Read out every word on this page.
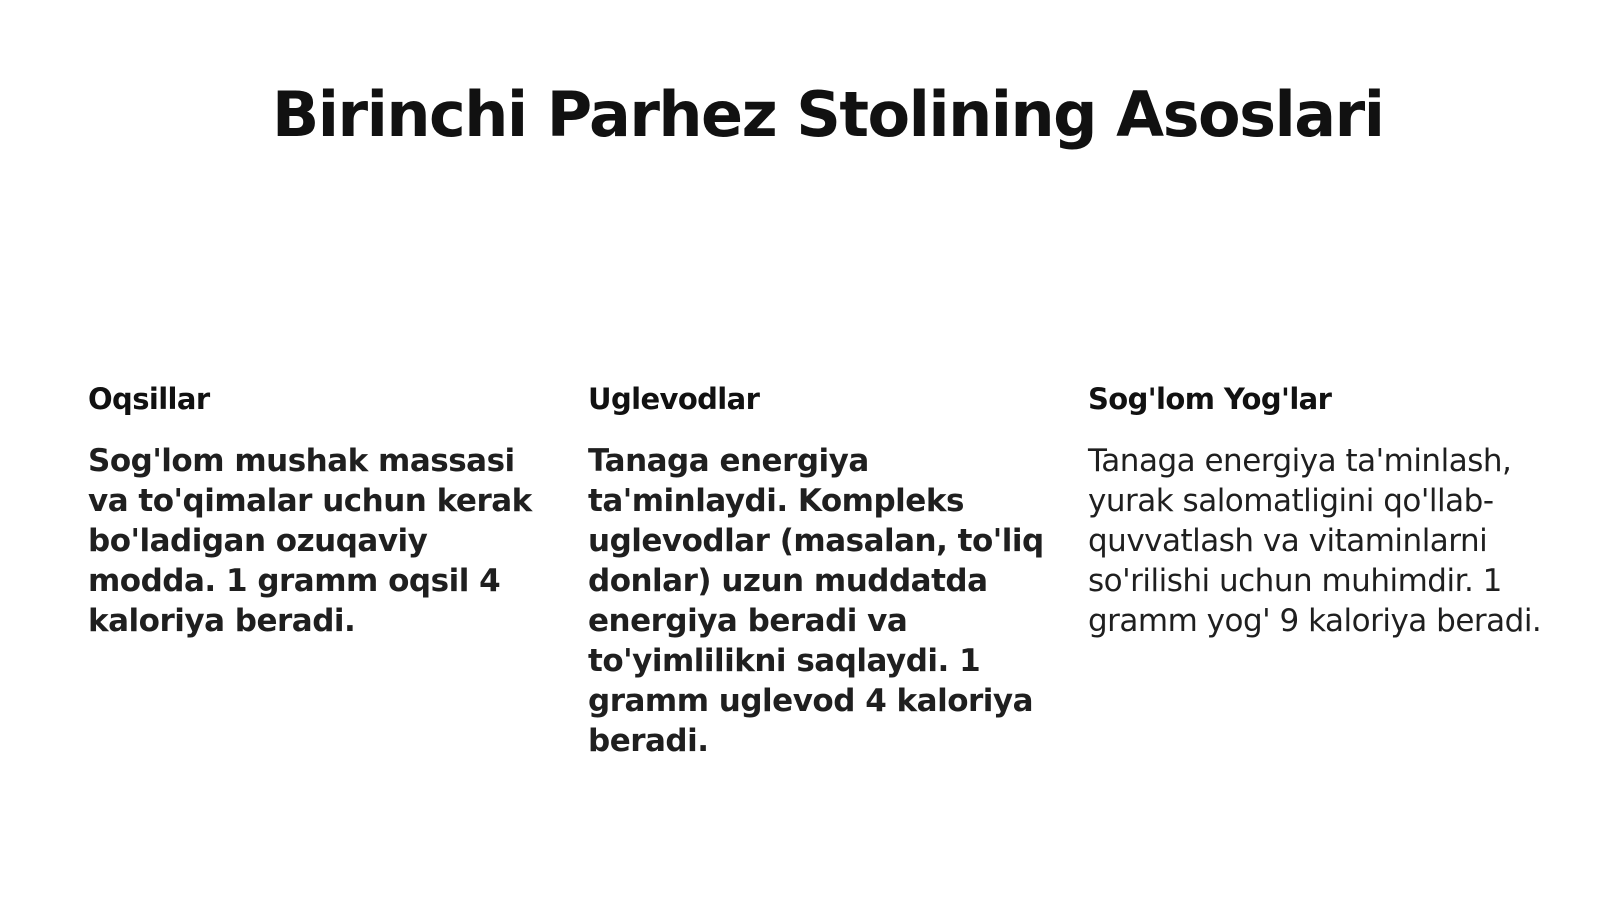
Birinchi Parhez Stolining Asoslari
Oqsillar

Sog'lom mushak massasi va to'qimalar uchun kerak bo'ladigan ozuqaviy modda. 1 gramm oqsil 4 kaloriya beradi.

Uglevodlar

Tanaga energiya ta'minlaydi. Kompleks uglevodlar (masalan, to'liq donlar) uzun muddatda energiya beradi va to'yimlilikni saqlaydi. 1 gramm uglevod 4 kaloriya beradi.

Sog'lom Yog'lar

Tanaga energiya ta'minlash, yurak salomatligini qo'llab-quvvatlash va vitaminlarni so'rilishi uchun muhimdir. 1 gramm yog' 9 kaloriya beradi.
